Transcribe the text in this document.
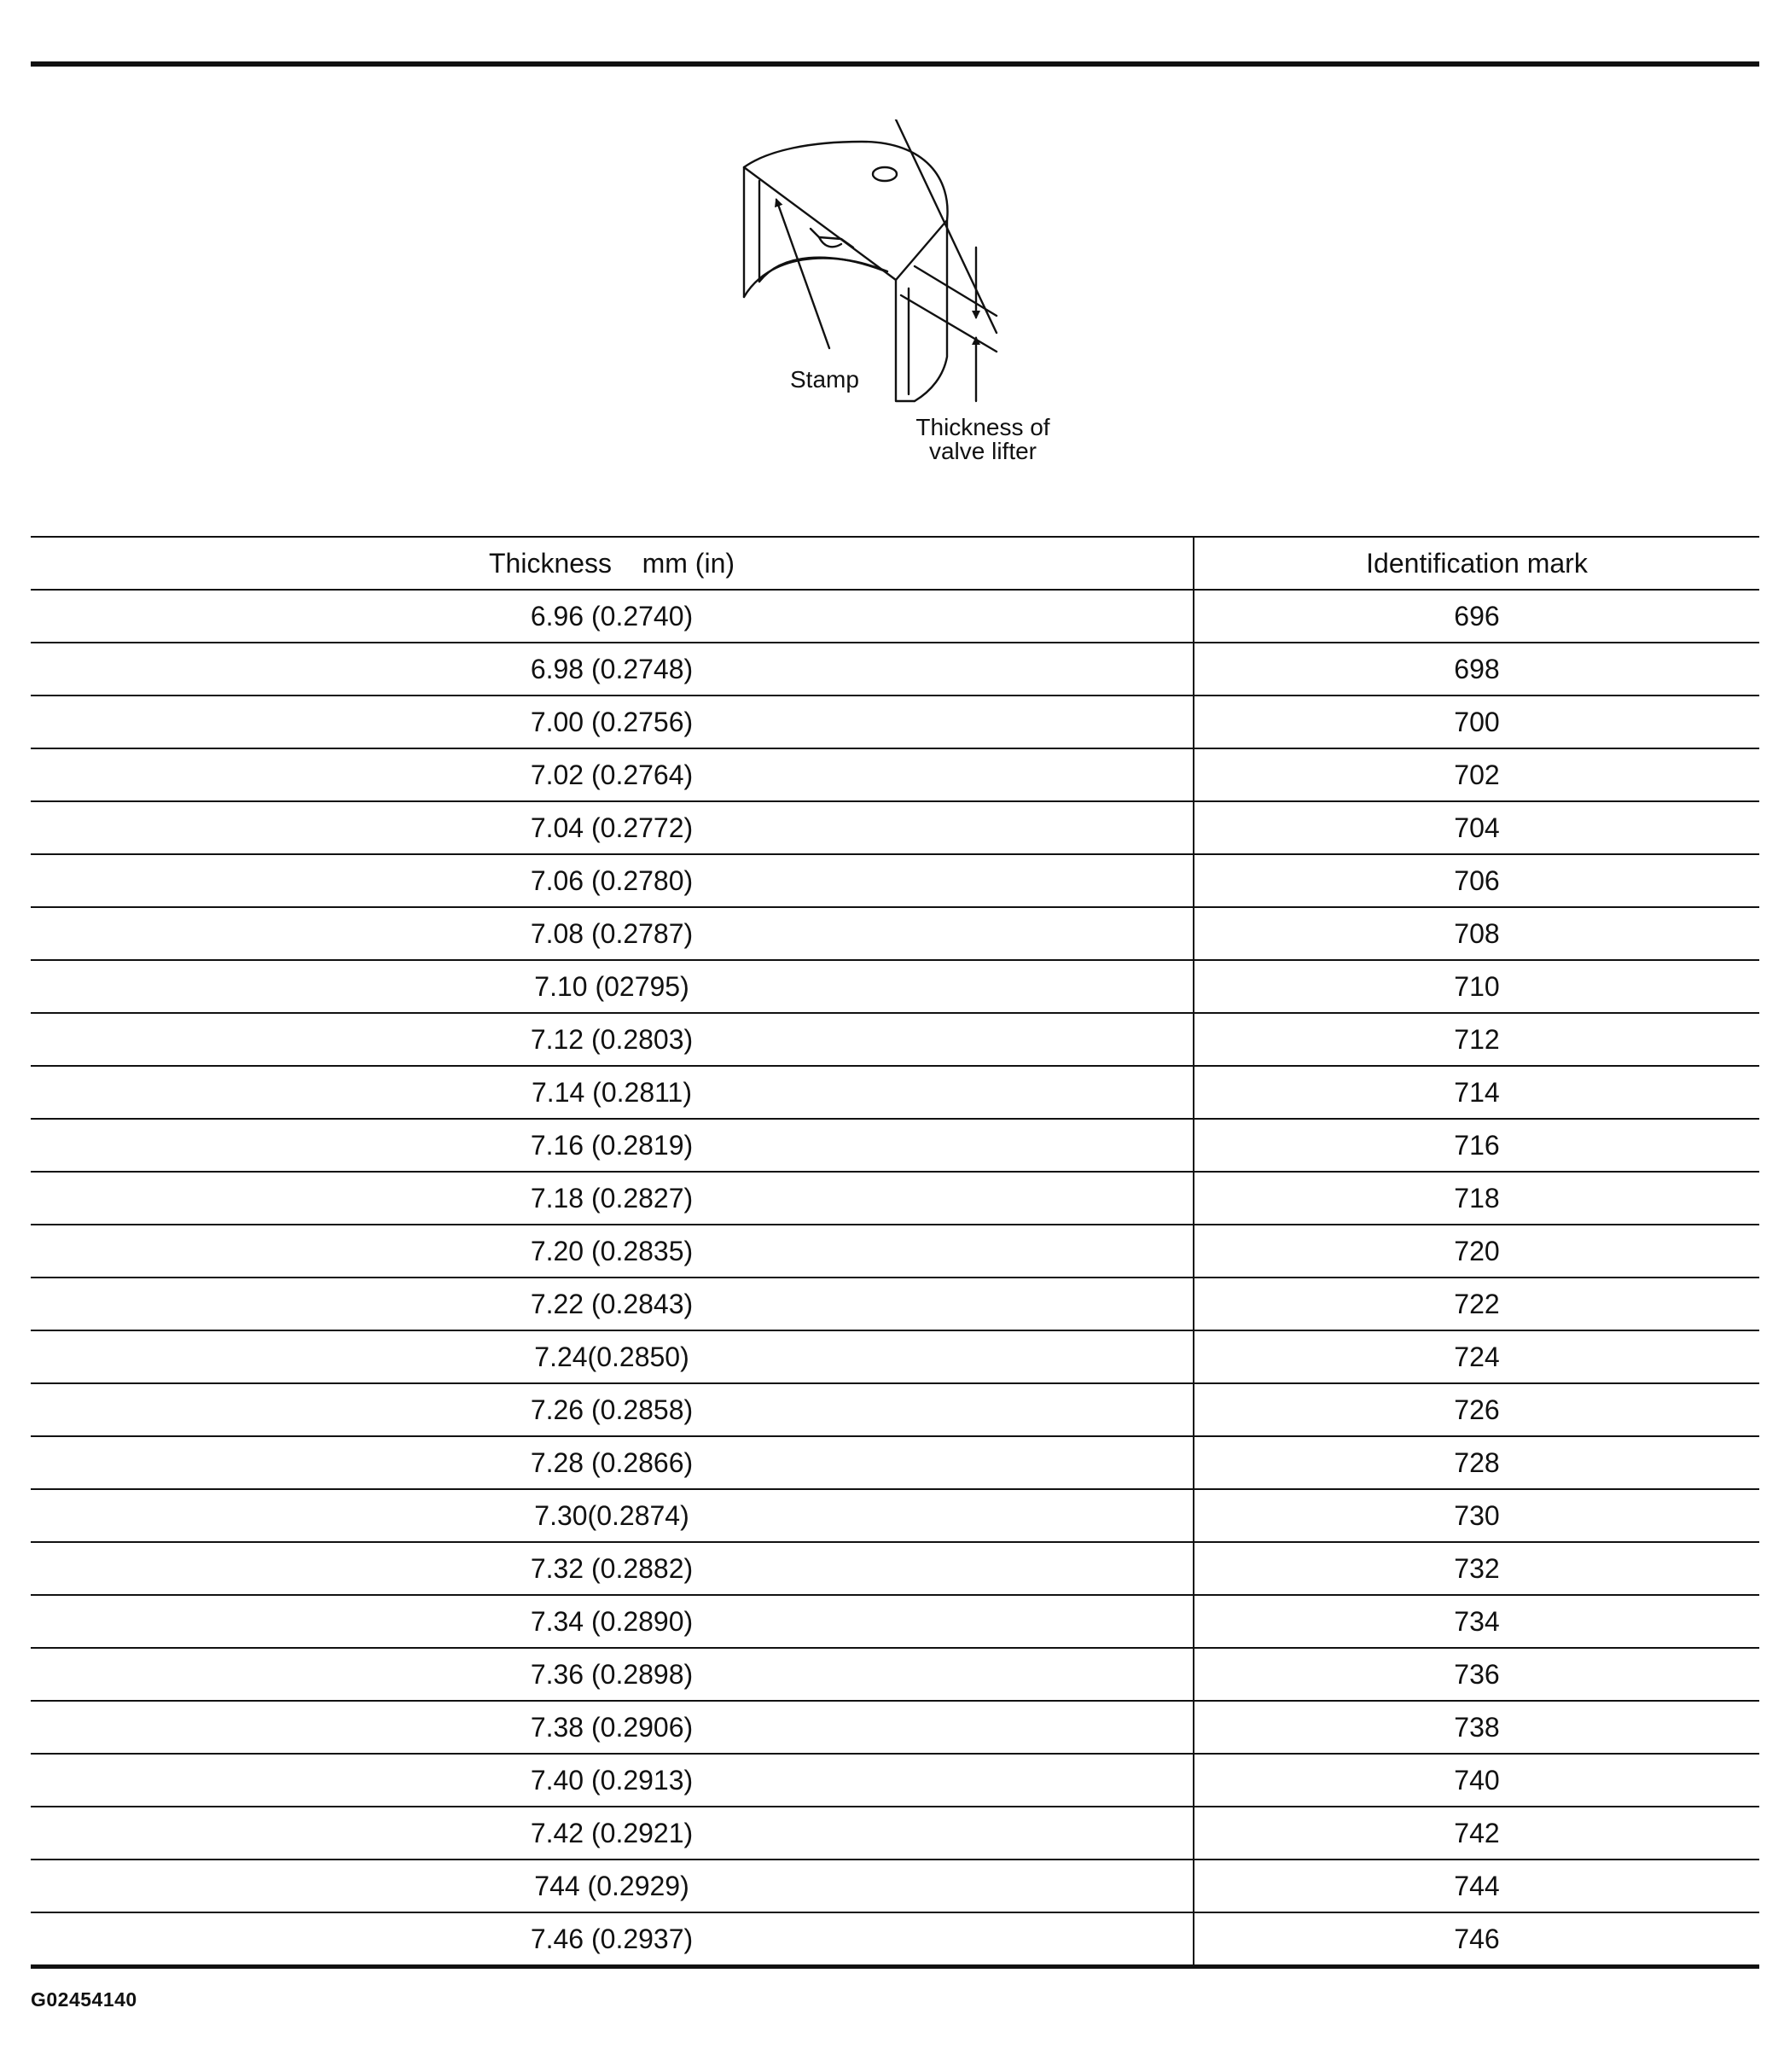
Stamp
Thickness of
valve lifter
Thickness    mm (in)	Identification mark
6.96 (0.2740)	696
6.98 (0.2748)	698
7.00 (0.2756)	700
7.02 (0.2764)	702
7.04 (0.2772)	704
7.06 (0.2780)	706
7.08 (0.2787)	708
7.10 (02795)	710
7.12 (0.2803)	712
7.14 (0.2811)	714
7.16 (0.2819)	716
7.18 (0.2827)	718
7.20 (0.2835)	720
7.22 (0.2843)	722
7.24(0.2850)	724
7.26 (0.2858)	726
7.28 (0.2866)	728
7.30(0.2874)	730
7.32 (0.2882)	732
7.34 (0.2890)	734
7.36 (0.2898)	736
7.38 (0.2906)	738
7.40 (0.2913)	740
7.42 (0.2921)	742
744 (0.2929)	744
7.46 (0.2937)	746
G02454140
